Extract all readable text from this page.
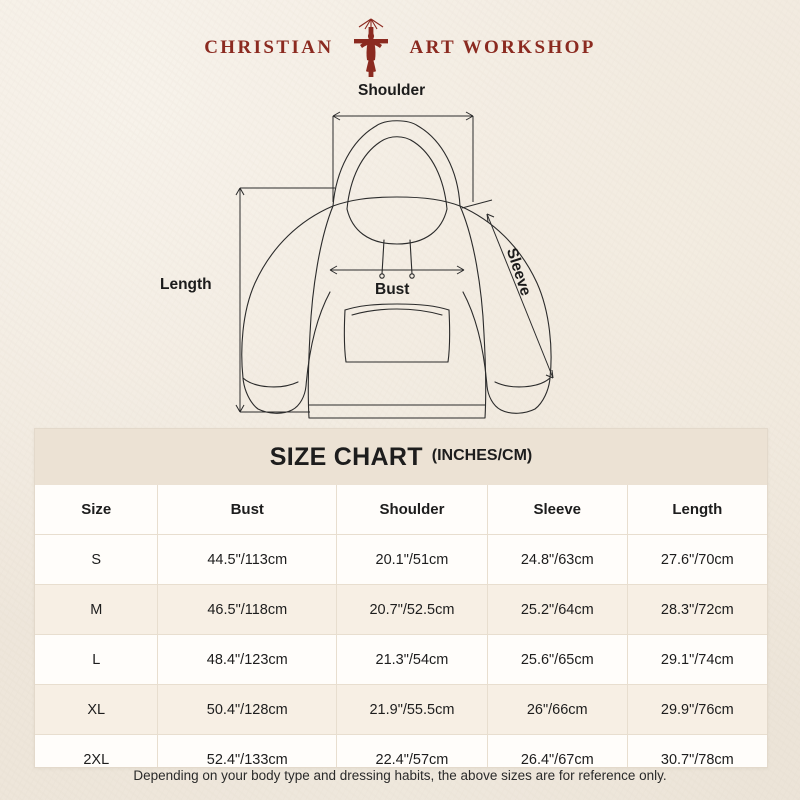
CHRISTIAN	ART WORKSHOP
Shoulder
Length	Bust	Sleeve
SIZE CHART (INCHES/CM)
Size	Bust	Shoulder	Sleeve	Length
S	44.5"/113cm	20.1"/51cm	24.8"/63cm	27.6"/70cm
M	46.5"/118cm	20.7"/52.5cm	25.2"/64cm	28.3"/72cm
L	48.4"/123cm	21.3"/54cm	25.6"/65cm	29.1"/74cm
XL	50.4"/128cm	21.9"/55.5cm	26"/66cm	29.9"/76cm
2XL	52.4"/133cm	22.4"/57cm	26.4"/67cm	30.7"/78cm
Depending on your body type and dressing habits, the above sizes are for reference only.
